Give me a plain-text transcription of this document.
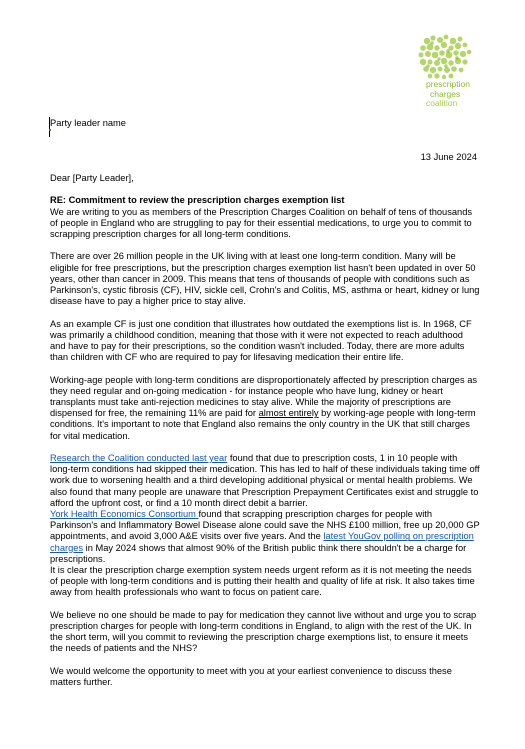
prescription
charges
coalition
Party leader name
13 June 2024

Dear [Party Leader],

RE: Commitment to review the prescription charges exemption list

We are writing to you as members of the Prescription Charges Coalition on behalf of tens of thousands of people in England who are struggling to pay for their essential medications, to urge you to commit to scrapping prescription charges for all long-term conditions.

There are over 26 million people in the UK living with at least one long-term condition. Many will be eligible for free prescriptions, but the prescription charges exemption list hasn't been updated in over 50 years, other than cancer in 2009. This means that tens of thousands of people with conditions such as Parkinson's, cystic fibrosis (CF), HIV, sickle cell, Crohn's and Colitis, MS, asthma or heart, kidney or lung disease have to pay a higher price to stay alive.

As an example CF is just one condition that illustrates how outdated the exemptions list is. In 1968, CF was primarily a childhood condition, meaning that those with it were not expected to reach adulthood and have to pay for their prescriptions, so the condition wasn't included. Today, there are more adults than children with CF who are required to pay for lifesaving medication their entire life.

Working-age people with long-term conditions are disproportionately affected by prescription charges as they need regular and on-going medication - for instance people who have lung, kidney or heart transplants must take anti-rejection medicines to stay alive. While the majority of prescriptions are dispensed for free, the remaining 11% are paid for almost entirely by working-age people with long-term conditions. It's important to note that England also remains the only country in the UK that still charges for vital medication.

Research the Coalition conducted last year found that due to prescription costs, 1 in 10 people with long-term conditions had skipped their medication. This has led to half of these individuals taking time off work due to worsening health and a third developing additional physical or mental health problems. We also found that many people are unaware that Prescription Prepayment Certificates exist and struggle to afford the upfront cost, or find a 10 month direct debit a barrier.

York Health Economics Consortium found that scrapping prescription charges for people with Parkinson's and Inflammatory Bowel Disease alone could save the NHS £100 million, free up 20,000 GP appointments, and avoid 3,000 A&E visits over five years. And the latest YouGov polling on prescription charges in May 2024 shows that almost 90% of the British public think there shouldn't be a charge for prescriptions.

It is clear the prescription charge exemption system needs urgent reform as it is not meeting the needs of people with long-term conditions and is putting their health and quality of life at risk. It also takes time away from health professionals who want to focus on patient care.

We believe no one should be made to pay for medication they cannot live without and urge you to scrap prescription charges for people with long-term conditions in England, to align with the rest of the UK. In the short term, will you commit to reviewing the prescription charge exemptions list, to ensure it meets the needs of patients and the NHS?

We would welcome the opportunity to meet with you at your earliest convenience to discuss these matters further.
